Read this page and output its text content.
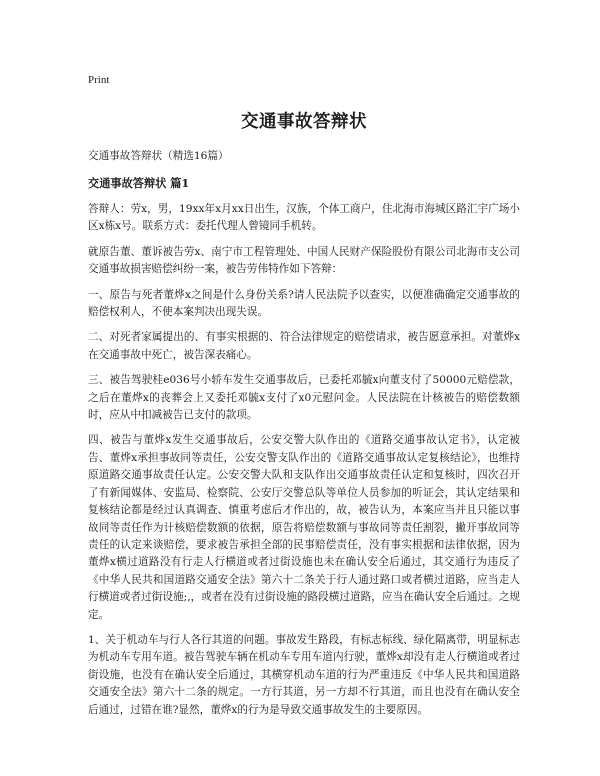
Print
交通事故答辩状

交通事故答辩状（精选16篇）

交通事故答辩状 篇1

答辩人：劳x，男，19xx年x月xx日出生，汉族，个体工商户，住北海市海城区路汇宇广场小区x栋x号。联系方式：委托代理人曾镜同手机转。

就原告董、董诉被告劳x、南宁市工程管理处、中国人民财产保险股份有限公司北海市支公司交通事故损害赔偿纠纷一案，被告劳伟特作如下答辩：

一、原告与死者董烨x之间是什么身份关系?请人民法院予以查实，以便准确确定交通事故的赔偿权利人，不使本案判决出现失误。

二、对死者家属提出的、有事实根据的、符合法律规定的赔偿请求，被告愿意承担。对董烨x在交通事故中死亡，被告深表痛心。

三、被告驾驶桂e036号小轿车发生交通事故后，已委托邓毓x向董支付了50000元赔偿款，之后在董烨x的丧葬会上又委托邓毓x支付了x0元慰问金。人民法院在计核被告的赔偿数额时，应从中扣减被告已支付的款项。

四、被告与董烨x发生交通事故后，公安交警大队作出的《道路交通事故认定书》，认定被告、董烨x承担事故同等责任，公安交警支队作出的《道路交通事故认定复核结论》，也维持原道路交通事故责任认定。公安交警大队和支队作出交通事故责任认定和复核时，四次召开了有新闻媒体、安监局、检察院、公安厅交警总队等单位人员参加的听证会，其认定结果和复核结论都是经过认真调查、慎重考虑后才作出的，故，被告认为，本案应当并且只能以事故同等责任作为计核赔偿数额的依据，原告将赔偿数额与事故同等责任割裂，撇开事故同等责任的认定来谈赔偿，要求被告承担全部的民事赔偿责任，没有事实根据和法律依据，因为董烨x横过道路没有行走人行横道或者过街设施也未在确认安全后通过，其交通行为违反了《中华人民共和国道路交通安全法》第六十二条关于行人通过路口或者横过道路，应当走人行横道或者过街设施;,，或者在没有过街设施的路段横过道路，应当在确认安全后通过。之规定。

1、关于机动车与行人各行其道的问题。事故发生路段，有标志标线、绿化隔离带，明显标志为机动车专用车道。被告驾驶车辆在机动车专用车道内行驶，董烨x却没有走人行横道或者过街设施，也没有在确认安全后通过，其横穿机动车道的行为严重违反《中华人民共和国道路交通安全法》第六十二条的规定。一方行其道，另一方却不行其道，而且也没有在确认安全后通过，过错在谁?显然，董烨x的行为是导致交通事故发生的主要原因。
